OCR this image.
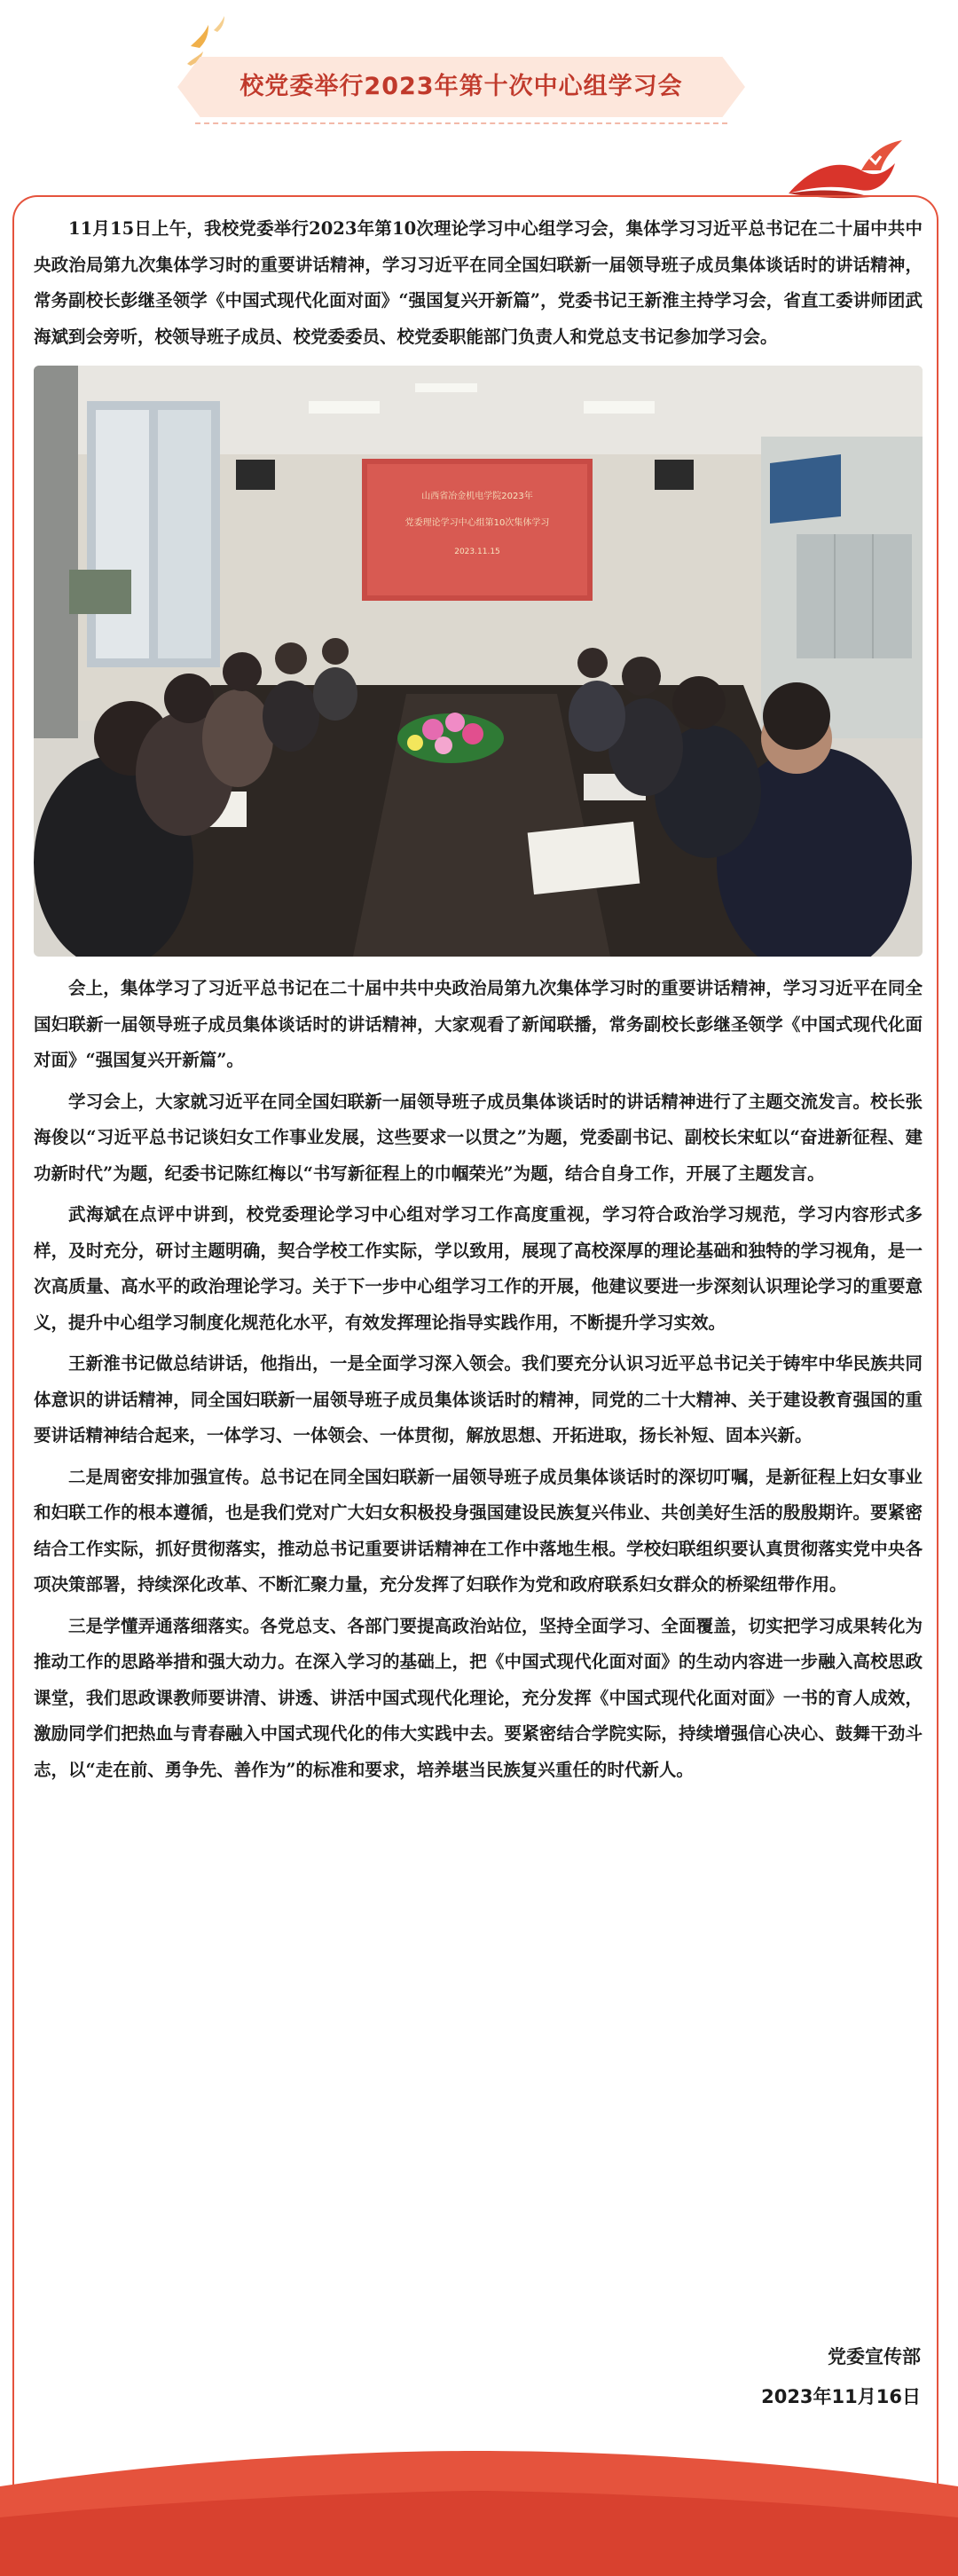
校党委举行2023年第十次中心组学习会

11月15日上午，我校党委举行2023年第10次理论学习中心组学习会，集体学习习近平总书记在二十届中共中央政治局第九次集体学习时的重要讲话精神，学习习近平在同全国妇联新一届领导班子成员集体谈话时的讲话精神，常务副校长彭继圣领学《中国式现代化面对面》“强国复兴开新篇”，党委书记王新淮主持学习会，省直工委讲师团武海斌到会旁听，校领导班子成员、校党委委员、校党委职能部门负责人和党总支书记参加学习会。

山西省冶金机电学院2023年
党委理论学习中心组第10次集体学习
2023.11.15

会上，集体学习了习近平总书记在二十届中共中央政治局第九次集体学习时的重要讲话精神，学习习近平在同全国妇联新一届领导班子成员集体谈话时的讲话精神，大家观看了新闻联播，常务副校长彭继圣领学《中国式现代化面对面》“强国复兴开新篇”。

学习会上，大家就习近平在同全国妇联新一届领导班子成员集体谈话时的讲话精神进行了主题交流发言。校长张海俊以“习近平总书记谈妇女工作事业发展，这些要求一以贯之”为题，党委副书记、副校长宋虹以“奋进新征程、建功新时代”为题，纪委书记陈红梅以“书写新征程上的巾帼荣光”为题，结合自身工作，开展了主题发言。

武海斌在点评中讲到，校党委理论学习中心组对学习工作高度重视，学习符合政治学习规范，学习内容形式多样，及时充分，研讨主题明确，契合学校工作实际，学以致用，展现了高校深厚的理论基础和独特的学习视角，是一次高质量、高水平的政治理论学习。关于下一步中心组学习工作的开展，他建议要进一步深刻认识理论学习的重要意义，提升中心组学习制度化规范化水平，有效发挥理论指导实践作用，不断提升学习实效。

王新淮书记做总结讲话，他指出，一是全面学习深入领会。我们要充分认识习近平总书记关于铸牢中华民族共同体意识的讲话精神，同全国妇联新一届领导班子成员集体谈话时的精神，同党的二十大精神、关于建设教育强国的重要讲话精神结合起来，一体学习、一体领会、一体贯彻，解放思想、开拓进取，扬长补短、固本兴新。

二是周密安排加强宣传。总书记在同全国妇联新一届领导班子成员集体谈话时的深切叮嘱，是新征程上妇女事业和妇联工作的根本遵循，也是我们党对广大妇女积极投身强国建设民族复兴伟业、共创美好生活的殷殷期许。要紧密结合工作实际，抓好贯彻落实，推动总书记重要讲话精神在工作中落地生根。学校妇联组织要认真贯彻落实党中央各项决策部署，持续深化改革、不断汇聚力量，充分发挥了妇联作为党和政府联系妇女群众的桥梁纽带作用。

三是学懂弄通落细落实。各党总支、各部门要提高政治站位，坚持全面学习、全面覆盖，切实把学习成果转化为推动工作的思路举措和强大动力。在深入学习的基础上，把《中国式现代化面对面》的生动内容进一步融入高校思政课堂，我们思政课教师要讲清、讲透、讲活中国式现代化理论，充分发挥《中国式现代化面对面》一书的育人成效，激励同学们把热血与青春融入中国式现代化的伟大实践中去。要紧密结合学院实际，持续增强信心决心、鼓舞干劲斗志，以“走在前、勇争先、善作为”的标准和要求，培养堪当民族复兴重任的时代新人。

党委宣传部
2023年11月16日
